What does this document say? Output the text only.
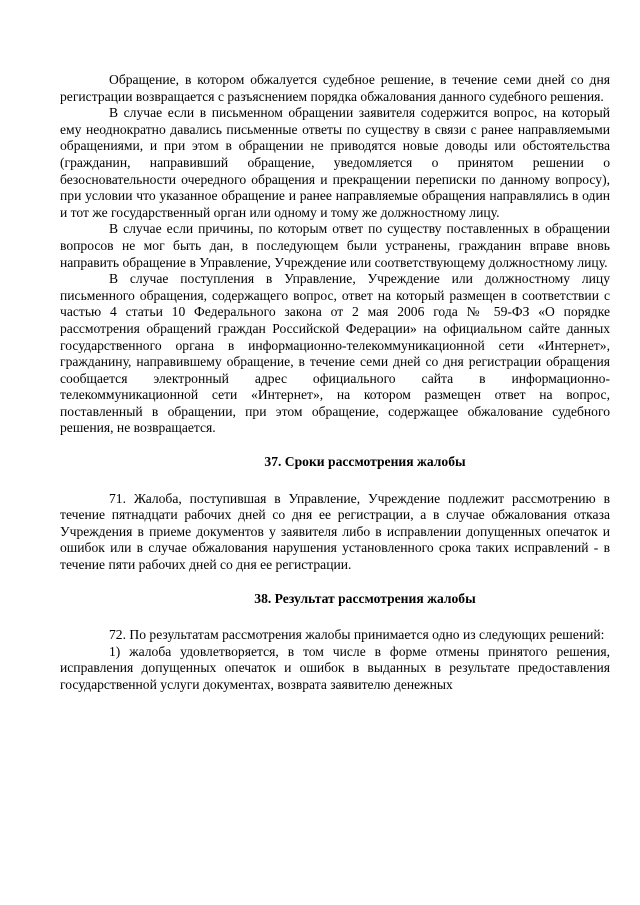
Обращение, в котором обжалуется судебное решение, в течение семи дней со дня регистрации возвращается с разъяснением порядка обжалования данного судебного решения.

В случае если в письменном обращении заявителя содержится вопрос, на который ему неоднократно давались письменные ответы по существу в связи с ранее направляемыми обращениями, и при этом в обращении не приводятся новые доводы или обстоятельства (гражданин, направивший обращение, уведомляется о принятом решении о безосновательности очередного обращения и прекращении переписки по данному вопросу), при условии что указанное обращение и ранее направляемые обращения направлялись в один и тот же государственный орган или одному и тому же должностному лицу.

В случае если причины, по которым ответ по существу поставленных в обращении вопросов не мог быть дан, в последующем были устранены, гражданин вправе вновь направить обращение в Управление, Учреждение или соответствующему должностному лицу.

В случае поступления в Управление, Учреждение или должностному лицу письменного обращения, содержащего вопрос, ответ на который размещен в соответствии с частью 4 статьи 10 Федерального закона от 2 мая 2006 года № 59-ФЗ «О порядке рассмотрения обращений граждан Российской Федерации» на официальном сайте данных государственного органа в информационно-телекоммуникационной сети «Интернет», гражданину, направившему обращение, в течение семи дней со дня регистрации обращения сообщается электронный адрес официального сайта в информационно-телекоммуникационной сети «Интернет», на котором размещен ответ на вопрос, поставленный в обращении, при этом обращение, содержащее обжалование судебного решения, не возвращается.

37. Сроки рассмотрения жалобы

71. Жалоба, поступившая в Управление, Учреждение подлежит рассмотрению в течение пятнадцати рабочих дней со дня ее регистрации, а в случае обжалования отказа Учреждения в приеме документов у заявителя либо в исправлении допущенных опечаток и ошибок или в случае обжалования нарушения установленного срока таких исправлений - в течение пяти рабочих дней со дня ее регистрации.

38. Результат рассмотрения жалобы

72. По результатам рассмотрения жалобы принимается одно из следующих решений:

1) жалоба удовлетворяется, в том числе в форме отмены принятого решения, исправления допущенных опечаток и ошибок в выданных в результате предоставления государственной услуги документах, возврата заявителю денежных
